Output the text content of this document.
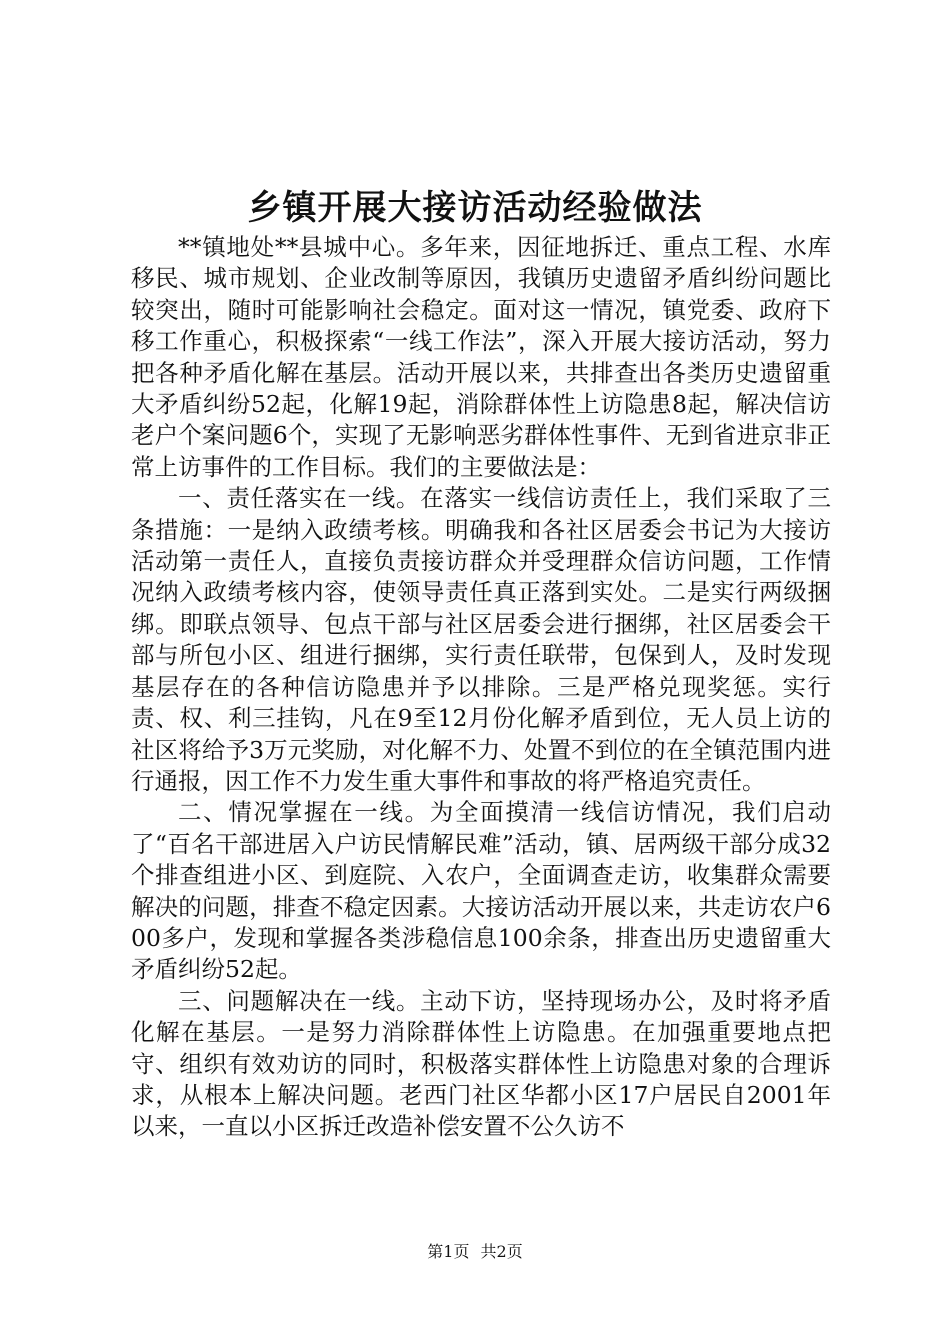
乡镇开展大接访活动经验做法

**镇地处**县城中心。多年来，因征地拆迁、重点工程、水库移民、城市规划、企业改制等原因，我镇历史遗留矛盾纠纷问题比较突出，随时可能影响社会稳定。面对这一情况，镇党委、政府下移工作重心，积极探索“一线工作法”，深入开展大接访活动，努力把各种矛盾化解在基层。活动开展以来，共排查出各类历史遗留重大矛盾纠纷52起，化解19起，消除群体性上访隐患8起，解决信访老户个案问题6个，实现了无影响恶劣群体性事件、无到省进京非正常上访事件的工作目标。我们的主要做法是：

一、责任落实在一线。在落实一线信访责任上，我们采取了三条措施：一是纳入政绩考核。明确我和各社区居委会书记为大接访活动第一责任人，直接负责接访群众并受理群众信访问题，工作情况纳入政绩考核内容，使领导责任真正落到实处。二是实行两级捆绑。即联点领导、包点干部与社区居委会进行捆绑，社区居委会干部与所包小区、组进行捆绑，实行责任联带，包保到人，及时发现基层存在的各种信访隐患并予以排除。三是严格兑现奖惩。实行责、权、利三挂钩，凡在9至12月份化解矛盾到位，无人员上访的社区将给予3万元奖励，对化解不力、处置不到位的在全镇范围内进行通报，因工作不力发生重大事件和事故的将严格追究责任。

二、情况掌握在一线。为全面摸清一线信访情况，我们启动了“百名干部进居入户访民情解民难”活动，镇、居两级干部分成32个排查组进小区、到庭院、入农户，全面调查走访，收集群众需要解决的问题，排查不稳定因素。大接访活动开展以来，共走访农户600多户，发现和掌握各类涉稳信息100余条，排查出历史遗留重大矛盾纠纷52起。

三、问题解决在一线。主动下访，坚持现场办公，及时将矛盾化解在基层。一是努力消除群体性上访隐患。在加强重要地点把守、组织有效劝访的同时，积极落实群体性上访隐患对象的合理诉求，从根本上解决问题。老西门社区华都小区17户居民自2001年以来，一直以小区拆迁改造补偿安置不公久访不

第1页 共2页
